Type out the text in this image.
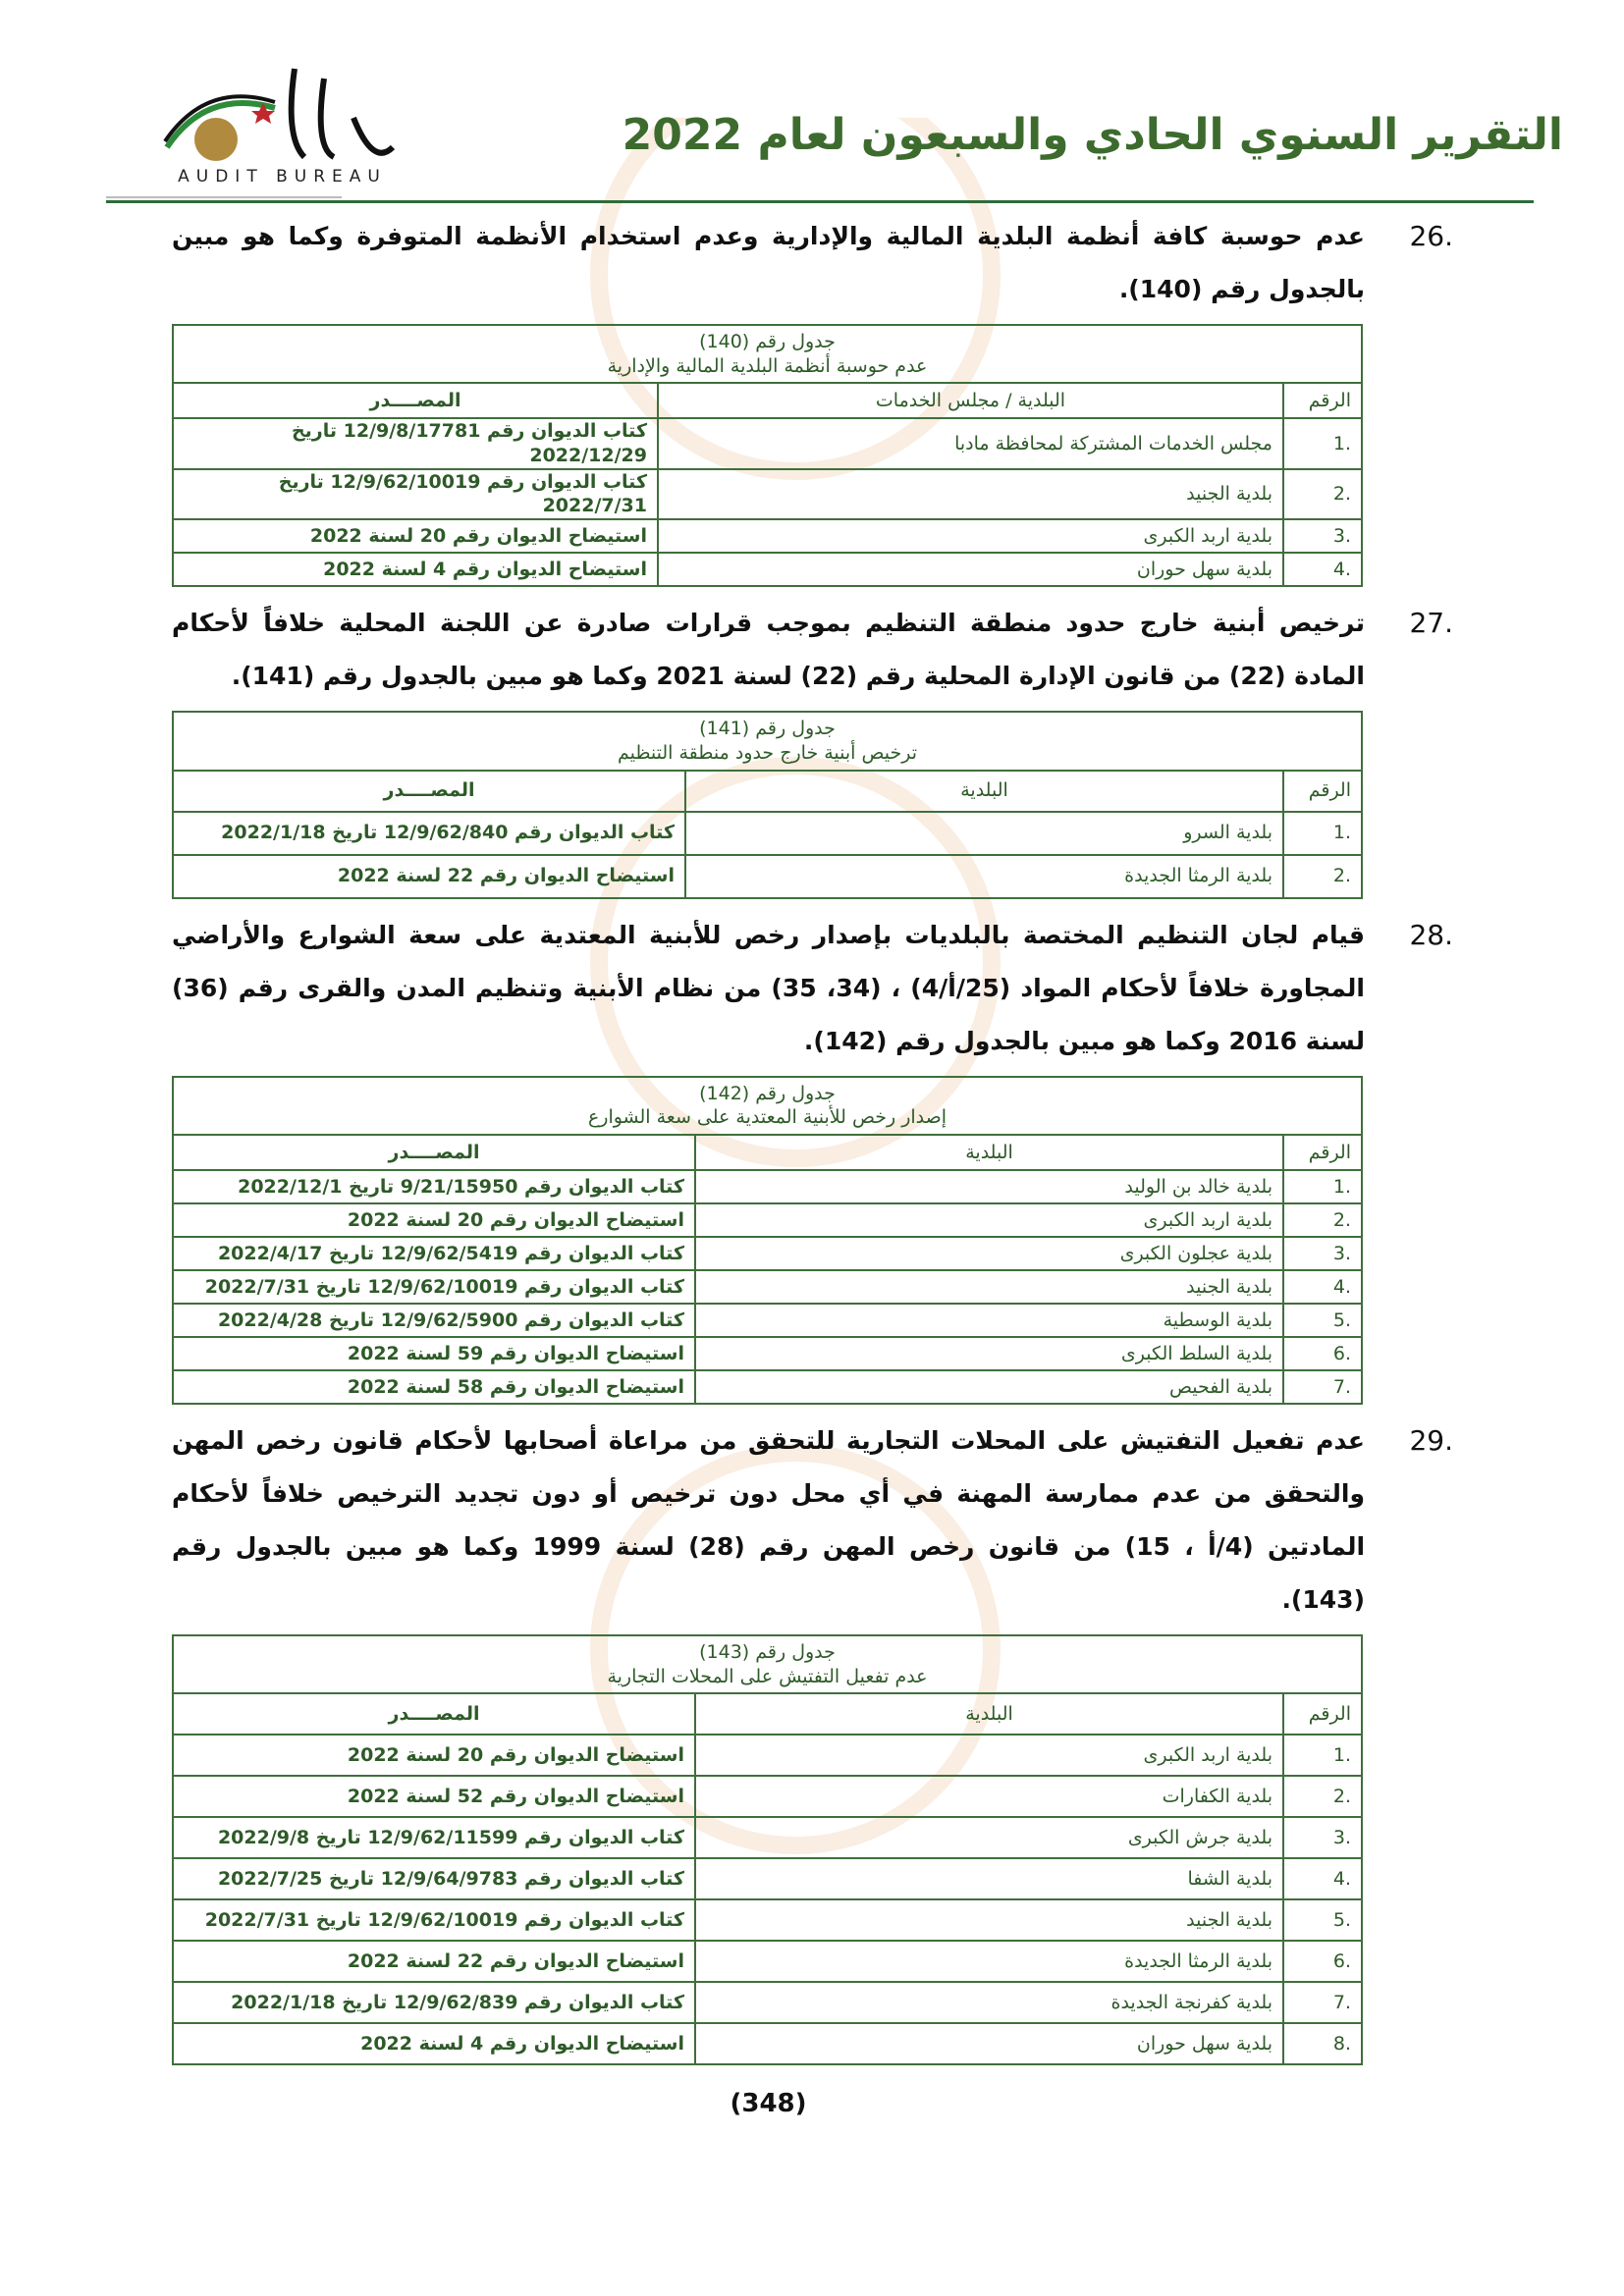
التقرير السنوي الحادي والسبعون لعام 2022
AUDIT BUREAU
.26
عدم حوسبة كافة أنظمة البلدية المالية والإدارية وعدم استخدام الأنظمة المتوفرة وكما هو مبين بالجدول رقم (140).
جدول رقم (140)
عدم حوسبة أنظمة البلدية المالية والإدارية		

الرقم	البلدية / مجلس الخدمات	المصــــدر
.1	مجلس الخدمات المشتركة لمحافظة مادبا	كتاب الديوان رقم 12/9/8/17781 تاريخ 2022/12/29
.2	بلدية الجنيد	كتاب الديوان رقم 12/9/62/10019 تاريخ 2022/7/31
.3	بلدية اربد الكبرى	استيضاح الديوان رقم 20 لسنة 2022
.4	بلدية سهل حوران	استيضاح الديوان رقم 4 لسنة 2022
.27
ترخيص أبنية خارج حدود منطقة التنظيم بموجب قرارات صادرة عن اللجنة المحلية خلافاً لأحكام المادة (22) من قانون الإدارة المحلية رقم (22) لسنة 2021 وكما هو مبين بالجدول رقم (141).
جدول رقم (141)
ترخيص أبنية خارج حدود منطقة التنظيم		

الرقم	البلدية	المصــــدر
.1	بلدية السرو	كتاب الديوان رقم 12/9/62/840 تاريخ 2022/1/18
.2	بلدية الرمثا الجديدة	استيضاح الديوان رقم 22 لسنة 2022
.28
قيام لجان التنظيم المختصة بالبلديات بإصدار رخص للأبنية المعتدية على سعة الشوارع والأراضي المجاورة خلافاً لأحكام المواد (25/أ/4) ، (34، 35) من نظام الأبنية وتنظيم المدن والقرى رقم (36) لسنة 2016 وكما هو مبين بالجدول رقم (142).
جدول رقم (142)
إصدار رخص للأبنية المعتدية على سعة الشوارع		

الرقم	البلدية	المصــــدر
.1	بلدية خالد بن الوليد	كتاب الديوان رقم 9/21/15950 تاريخ 2022/12/1
.2	بلدية اربد الكبرى	استيضاح الديوان رقم 20 لسنة 2022
.3	بلدية عجلون الكبرى	كتاب الديوان رقم 12/9/62/5419 تاريخ 2022/4/17
.4	بلدية الجنيد	كتاب الديوان رقم 12/9/62/10019 تاريخ 2022/7/31
.5	بلدية الوسطية	كتاب الديوان رقم 12/9/62/5900 تاريخ 2022/4/28
.6	بلدية السلط الكبرى	استيضاح الديوان رقم 59 لسنة 2022
.7	بلدية الفحيص	استيضاح الديوان رقم 58 لسنة 2022
.29
عدم تفعيل التفتيش على المحلات التجارية للتحقق من مراعاة أصحابها لأحكام قانون رخص المهن والتحقق من عدم ممارسة المهنة في أي محل دون ترخيص أو دون تجديد الترخيص خلافاً لأحكام المادتين (4/أ ، 15) من قانون رخص المهن رقم (28) لسنة 1999 وكما هو مبين بالجدول رقم (143).
جدول رقم (143)
عدم تفعيل التفتيش على المحلات التجارية		

الرقم	البلدية	المصــــدر
.1	بلدية اربد الكبرى	استيضاح الديوان رقم 20 لسنة 2022
.2	بلدية الكفارات	استيضاح الديوان رقم 52 لسنة 2022
.3	بلدية جرش الكبرى	كتاب الديوان رقم 12/9/62/11599 تاريخ 2022/9/8
.4	بلدية الشفا	كتاب الديوان رقم 12/9/64/9783 تاريخ 2022/7/25
.5	بلدية الجنيد	كتاب الديوان رقم 12/9/62/10019 تاريخ 2022/7/31
.6	بلدية الرمثا الجديدة	استيضاح الديوان رقم 22 لسنة 2022
.7	بلدية كفرنجة الجديدة	كتاب الديوان رقم 12/9/62/839 تاريخ 2022/1/18
.8	بلدية سهل حوران	استيضاح الديوان رقم 4 لسنة 2022
(348)
